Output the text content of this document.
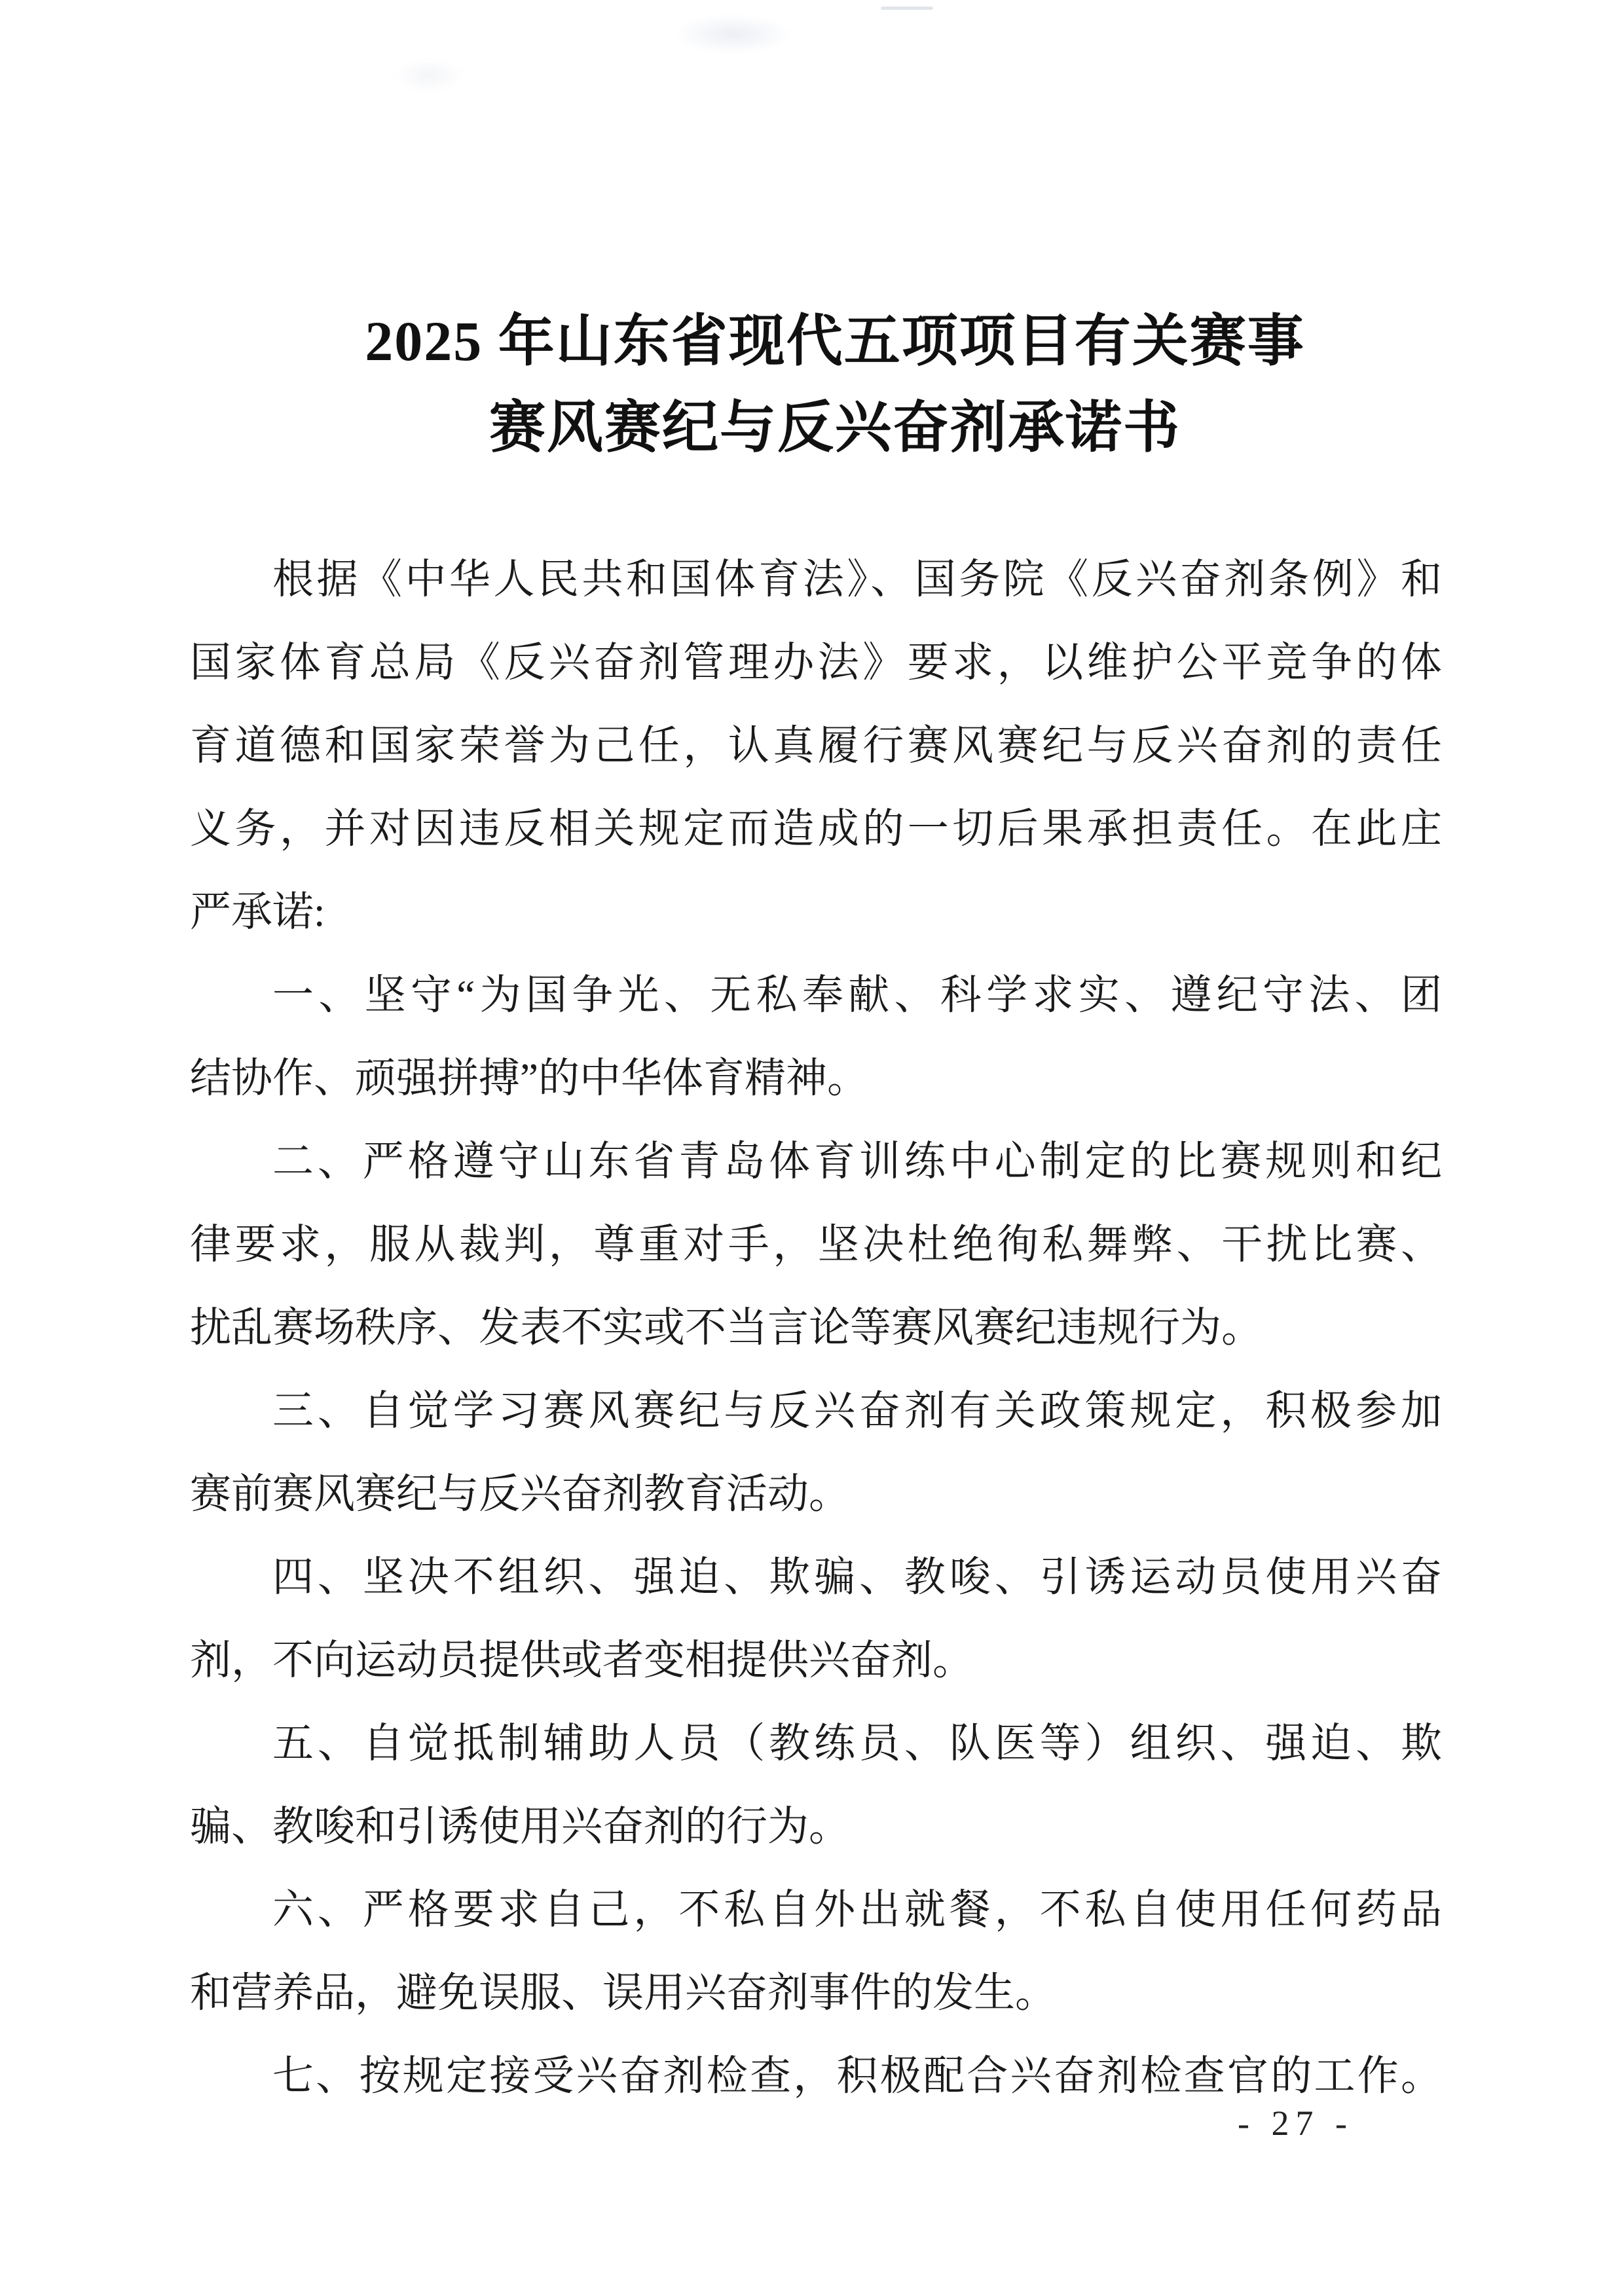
2025 年山东省现代五项项目有关赛事
赛风赛纪与反兴奋剂承诺书
根据《中华人民共和国体育法》、国务院《反兴奋剂条例》和
国家体育总局《反兴奋剂管理办法》要求，以维护公平竞争的体
育道德和国家荣誉为己任，认真履行赛风赛纪与反兴奋剂的责任
义务，并对因违反相关规定而造成的一切后果承担责任。在此庄
严承诺:
一、坚守“为国争光、无私奉献、科学求实、遵纪守法、团
结协作、顽强拼搏”的中华体育精神。
二、严格遵守山东省青岛体育训练中心制定的比赛规则和纪
律要求，服从裁判，尊重对手，坚决杜绝徇私舞弊、干扰比赛、
扰乱赛场秩序、发表不实或不当言论等赛风赛纪违规行为。
三、自觉学习赛风赛纪与反兴奋剂有关政策规定，积极参加
赛前赛风赛纪与反兴奋剂教育活动。
四、坚决不组织、强迫、欺骗、教唆、引诱运动员使用兴奋
剂，不向运动员提供或者变相提供兴奋剂。
五、自觉抵制辅助人员（教练员、队医等）组织、强迫、欺
骗、教唆和引诱使用兴奋剂的行为。
六、严格要求自己，不私自外出就餐，不私自使用任何药品
和营养品，避免误服、误用兴奋剂事件的发生。
七、按规定接受兴奋剂检查，积极配合兴奋剂检查官的工作。
- 27 -
